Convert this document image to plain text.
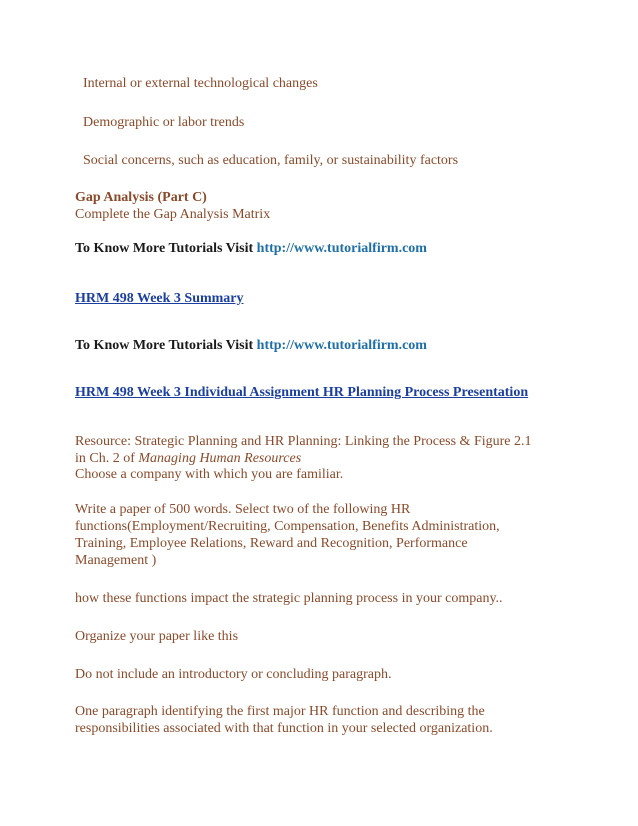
Internal or external technological changes
Demographic or labor trends
Social concerns, such as education, family, or sustainability factors
Gap Analysis (Part C)
Complete the Gap Analysis Matrix
To Know More Tutorials Visit http://www.tutorialfirm.com
HRM 498 Week 3 Summary
To Know More Tutorials Visit http://www.tutorialfirm.com
HRM 498 Week 3 Individual Assignment HR Planning Process Presentation
Resource: Strategic Planning and HR Planning: Linking the Process & Figure 2.1
in Ch. 2 of Managing Human Resources
Choose a company with which you are familiar.
Write a paper of 500 words. Select two of the following HR
functions(Employment/Recruiting, Compensation, Benefits Administration,
Training, Employee Relations, Reward and Recognition, Performance
Management )
how these functions impact the strategic planning process in your company..
Organize your paper like this
Do not include an introductory or concluding paragraph.
One paragraph identifying the first major HR function and describing the
responsibilities associated with that function in your selected organization.
